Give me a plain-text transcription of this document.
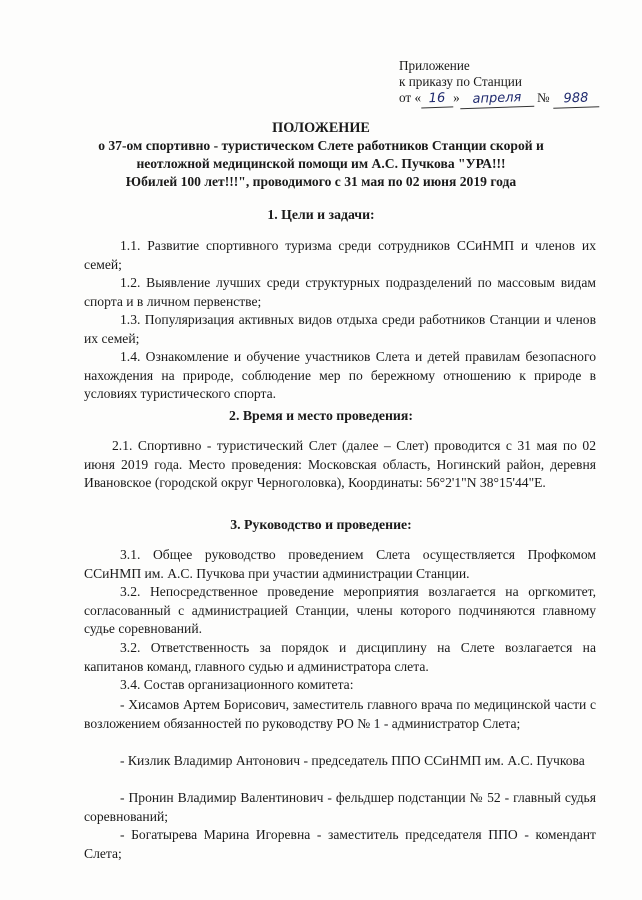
Приложение
к приказу по Станции
от « 16 » апреля № 988
ПОЛОЖЕНИЕ
о 37-ом спортивно - туристическом Слете работников Станции скорой и
неотложной медицинской помощи им А.С. Пучкова "УРА!!!
Юбилей 100 лет!!!", проводимого с 31 мая по 02 июня 2019 года
1. Цели и задачи:
1.1. Развитие спортивного туризма среди сотрудников ССиНМП и членов их семей;
1.2. Выявление лучших среди структурных подразделений по массовым видам спорта и в личном первенстве;
1.3. Популяризация активных видов отдыха среди работников Станции и членов их семей;
1.4. Ознакомление и обучение участников Слета и детей правилам безопасного нахождения на природе, соблюдение мер по бережному отношению к природе в условиях туристического спорта.
2. Время и место проведения:
2.1. Спортивно - туристический Слет (далее – Слет) проводится с 31 мая по 02 июня 2019 года. Место проведения: Московская область, Ногинский район, деревня Ивановское (городской округ Черноголовка), Координаты: 56°2'1"N 38°15'44"E.
3. Руководство и проведение:
3.1. Общее руководство проведением Слета осуществляется Профкомом ССиНМП им. А.С. Пучкова при участии администрации Станции.
3.2. Непосредственное проведение мероприятия возлагается на оргкомитет, согласованный с администрацией Станции, члены которого подчиняются главному судье соревнований.
3.2. Ответственность за порядок и дисциплину на Слете возлагается на капитанов команд, главного судью и администратора слета.
3.4. Состав организационного комитета:
- Хисамов Артем Борисович, заместитель главного врача по медицинской части с возложением обязанностей по руководству РО № 1 - администратор Слета;
- Кизлик Владимир Антонович - председатель ППО ССиНМП им. А.С. Пучкова
- Пронин Владимир Валентинович - фельдшер подстанции № 52 - главный судья соревнований;
- Богатырева Марина Игоревна - заместитель председателя ППО - комендант Слета;
